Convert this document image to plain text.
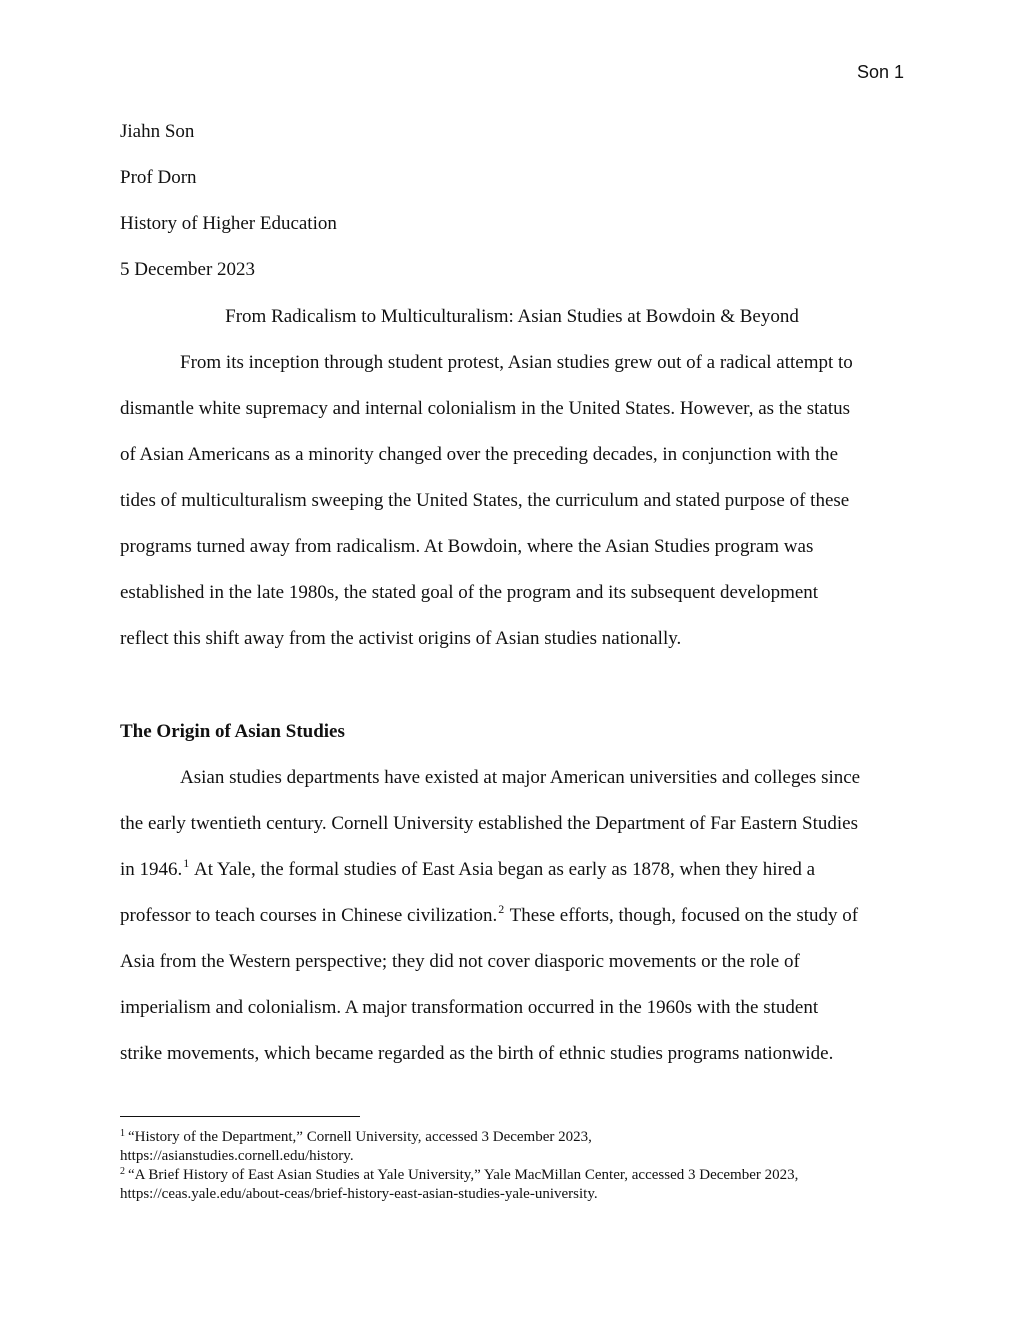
Son 1
Jiahn Son
Prof Dorn
History of Higher Education
5 December 2023
From Radicalism to Multiculturalism: Asian Studies at Bowdoin & Beyond
From its inception through student protest, Asian studies grew out of a radical attempt to
dismantle white supremacy and internal colonialism in the United States. However, as the status
of Asian Americans as a minority changed over the preceding decades, in conjunction with the
tides of multiculturalism sweeping the United States, the curriculum and stated purpose of these
programs turned away from radicalism. At Bowdoin, where the Asian Studies program was
established in the late 1980s, the stated goal of the program and its subsequent development
reflect this shift away from the activist origins of Asian studies nationally.
The Origin of Asian Studies
Asian studies departments have existed at major American universities and colleges since
the early twentieth century. Cornell University established the Department of Far Eastern Studies
in 1946.$^1$ At Yale, the formal studies of East Asia began as early as 1878, when they hired a
professor to teach courses in Chinese civilization.$^2$ These efforts, though, focused on the study of
Asia from the Western perspective; they did not cover diasporic movements or the role of
imperialism and colonialism. A major transformation occurred in the 1960s with the student
strike movements, which became regarded as the birth of ethnic studies programs nationwide.
$^1$ “History of the Department,” Cornell University, accessed 3 December 2023,
https://asianstudies.cornell.edu/history.
$^2$ “A Brief History of East Asian Studies at Yale University,” Yale MacMillan Center, accessed 3 December 2023,
https://ceas.yale.edu/about-ceas/brief-history-east-asian-studies-yale-university.
